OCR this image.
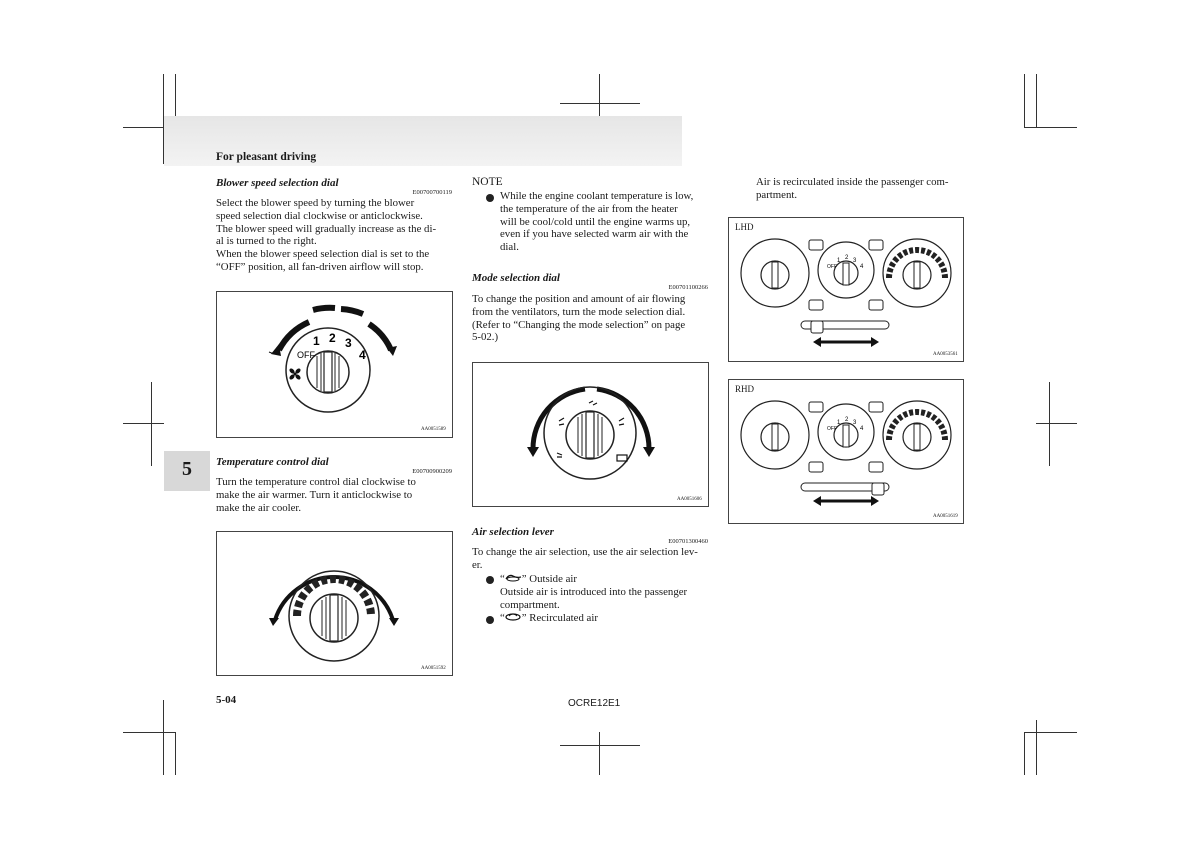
For pleasant driving
5
Blower speed selection dial
E00700700119
Select the blower speed by turning the blower
speed selection dial clockwise or anticlockwise.
The blower speed will gradually increase as the di-
al is turned to the right.
When the blower speed selection dial is set to the
“OFF” position, all fan-driven airflow will stop.
OFF
1 2 3
4
AA0051589
Temperature control dial
E00700900209
Turn the temperature control dial clockwise to
make the air warmer. Turn it anticlockwise to
make the air cooler.
AA0051592
NOTE
While the engine coolant temperature is low,
the temperature of the air from the heater
will be cool/cold until the engine warms up,
even if you have selected warm air with the
dial.
Mode selection dial
E00701100266
To change the position and amount of air flowing
from the ventilators, turn the mode selection dial.
(Refer to “Changing the mode selection” on page
5-02.)
AA0051606
Air selection lever
E00701300460
To change the air selection, use the air selection lev-
er.
“ ” Outside air
Outside air is introduced into the passenger
compartment.
“ ” Recirculated air
Air is recirculated inside the passenger com-
partment.
LHD
OFF
1 2 3
4
AA0053561
RHD
OFF
1 2 3
4
AA0051619
5-04	OCRE12E1
